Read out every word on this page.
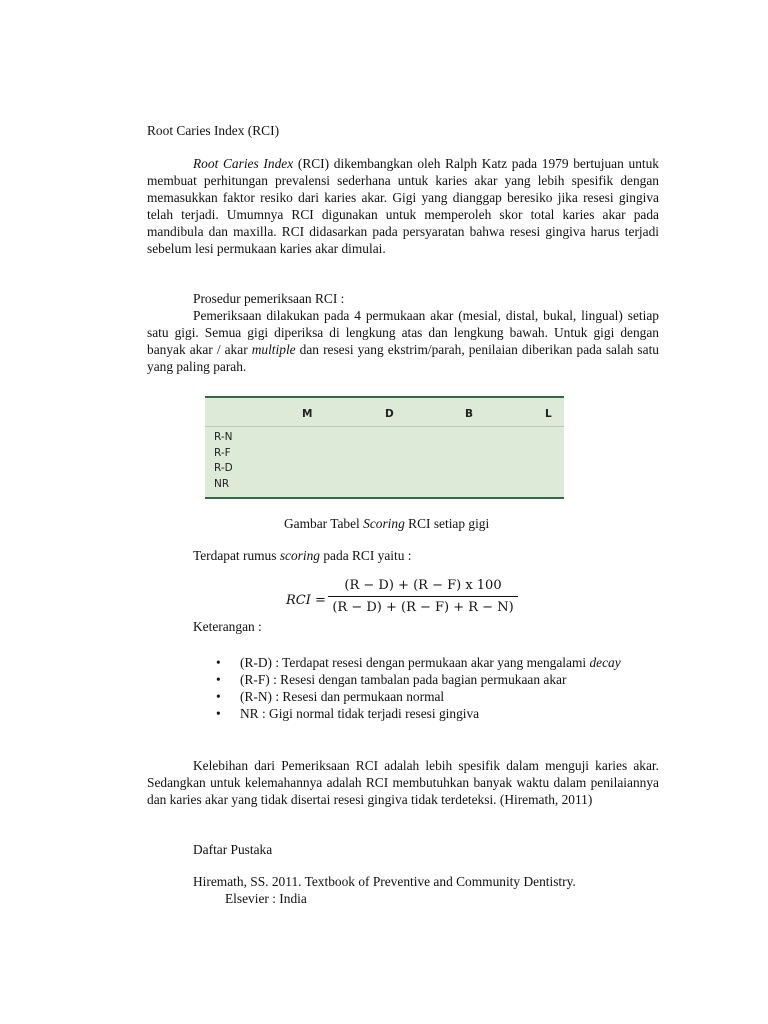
Root Caries Index (RCI)
Root Caries Index (RCI) dikembangkan oleh Ralph Katz pada 1979 bertujuan untuk membuat perhitungan prevalensi sederhana untuk karies akar yang lebih spesifik dengan memasukkan faktor resiko dari karies akar. Gigi yang dianggap beresiko jika resesi gingiva telah terjadi. Umumnya RCI digunakan untuk memperoleh skor total karies akar pada mandibula dan maxilla. RCI didasarkan pada persyaratan bahwa resesi gingiva harus terjadi sebelum lesi permukaan karies akar dimulai.
Prosedur pemeriksaan RCI :
Pemeriksaan dilakukan pada 4 permukaan akar (mesial, distal, bukal, lingual) setiap satu gigi. Semua gigi diperiksa di lengkung atas dan lengkung bawah. Untuk gigi dengan banyak akar / akar multiple dan resesi yang ekstrim/parah, penilaian diberikan pada salah satu yang paling parah.
M	D	B	L
R-N
R-F
R-D
NR
Gambar Tabel Scoring RCI setiap gigi
Terdapat rumus scoring pada RCI yaitu :
RCI =
(R − D) + (R − F) x 100
(R − D) + (R − F) + R − N)
Keterangan :
• (R-D) : Terdapat resesi dengan permukaan akar yang mengalami decay
• (R-F) : Resesi dengan tambalan pada bagian permukaan akar
• (R-N) : Resesi dan permukaan normal
• NR : Gigi normal tidak terjadi resesi gingiva
Kelebihan dari Pemeriksaan RCI adalah lebih spesifik dalam menguji karies akar. Sedangkan untuk kelemahannya adalah RCI membutuhkan banyak waktu dalam penilaiannya dan karies akar yang tidak disertai resesi gingiva tidak terdeteksi. (Hiremath, 2011)
Daftar Pustaka
Hiremath, SS. 2011. Textbook of Preventive and Community Dentistry.
Elsevier : India
